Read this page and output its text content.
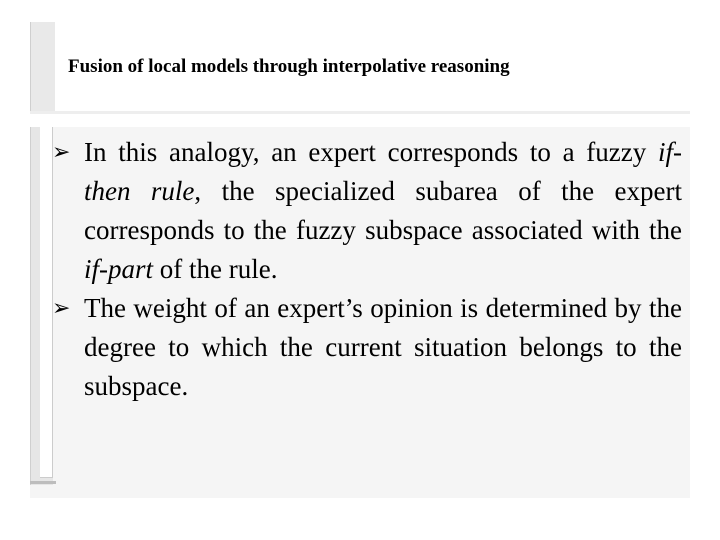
Fusion of local models through interpolative reasoning
➢ In this analogy, an expert corresponds to a fuzzy if-then rule, the specialized subarea of the expert corresponds to the fuzzy subspace associated with the if-part of the rule.
➢ The weight of an expert’s opinion is determined by the degree to which the current situation belongs to the subspace.
